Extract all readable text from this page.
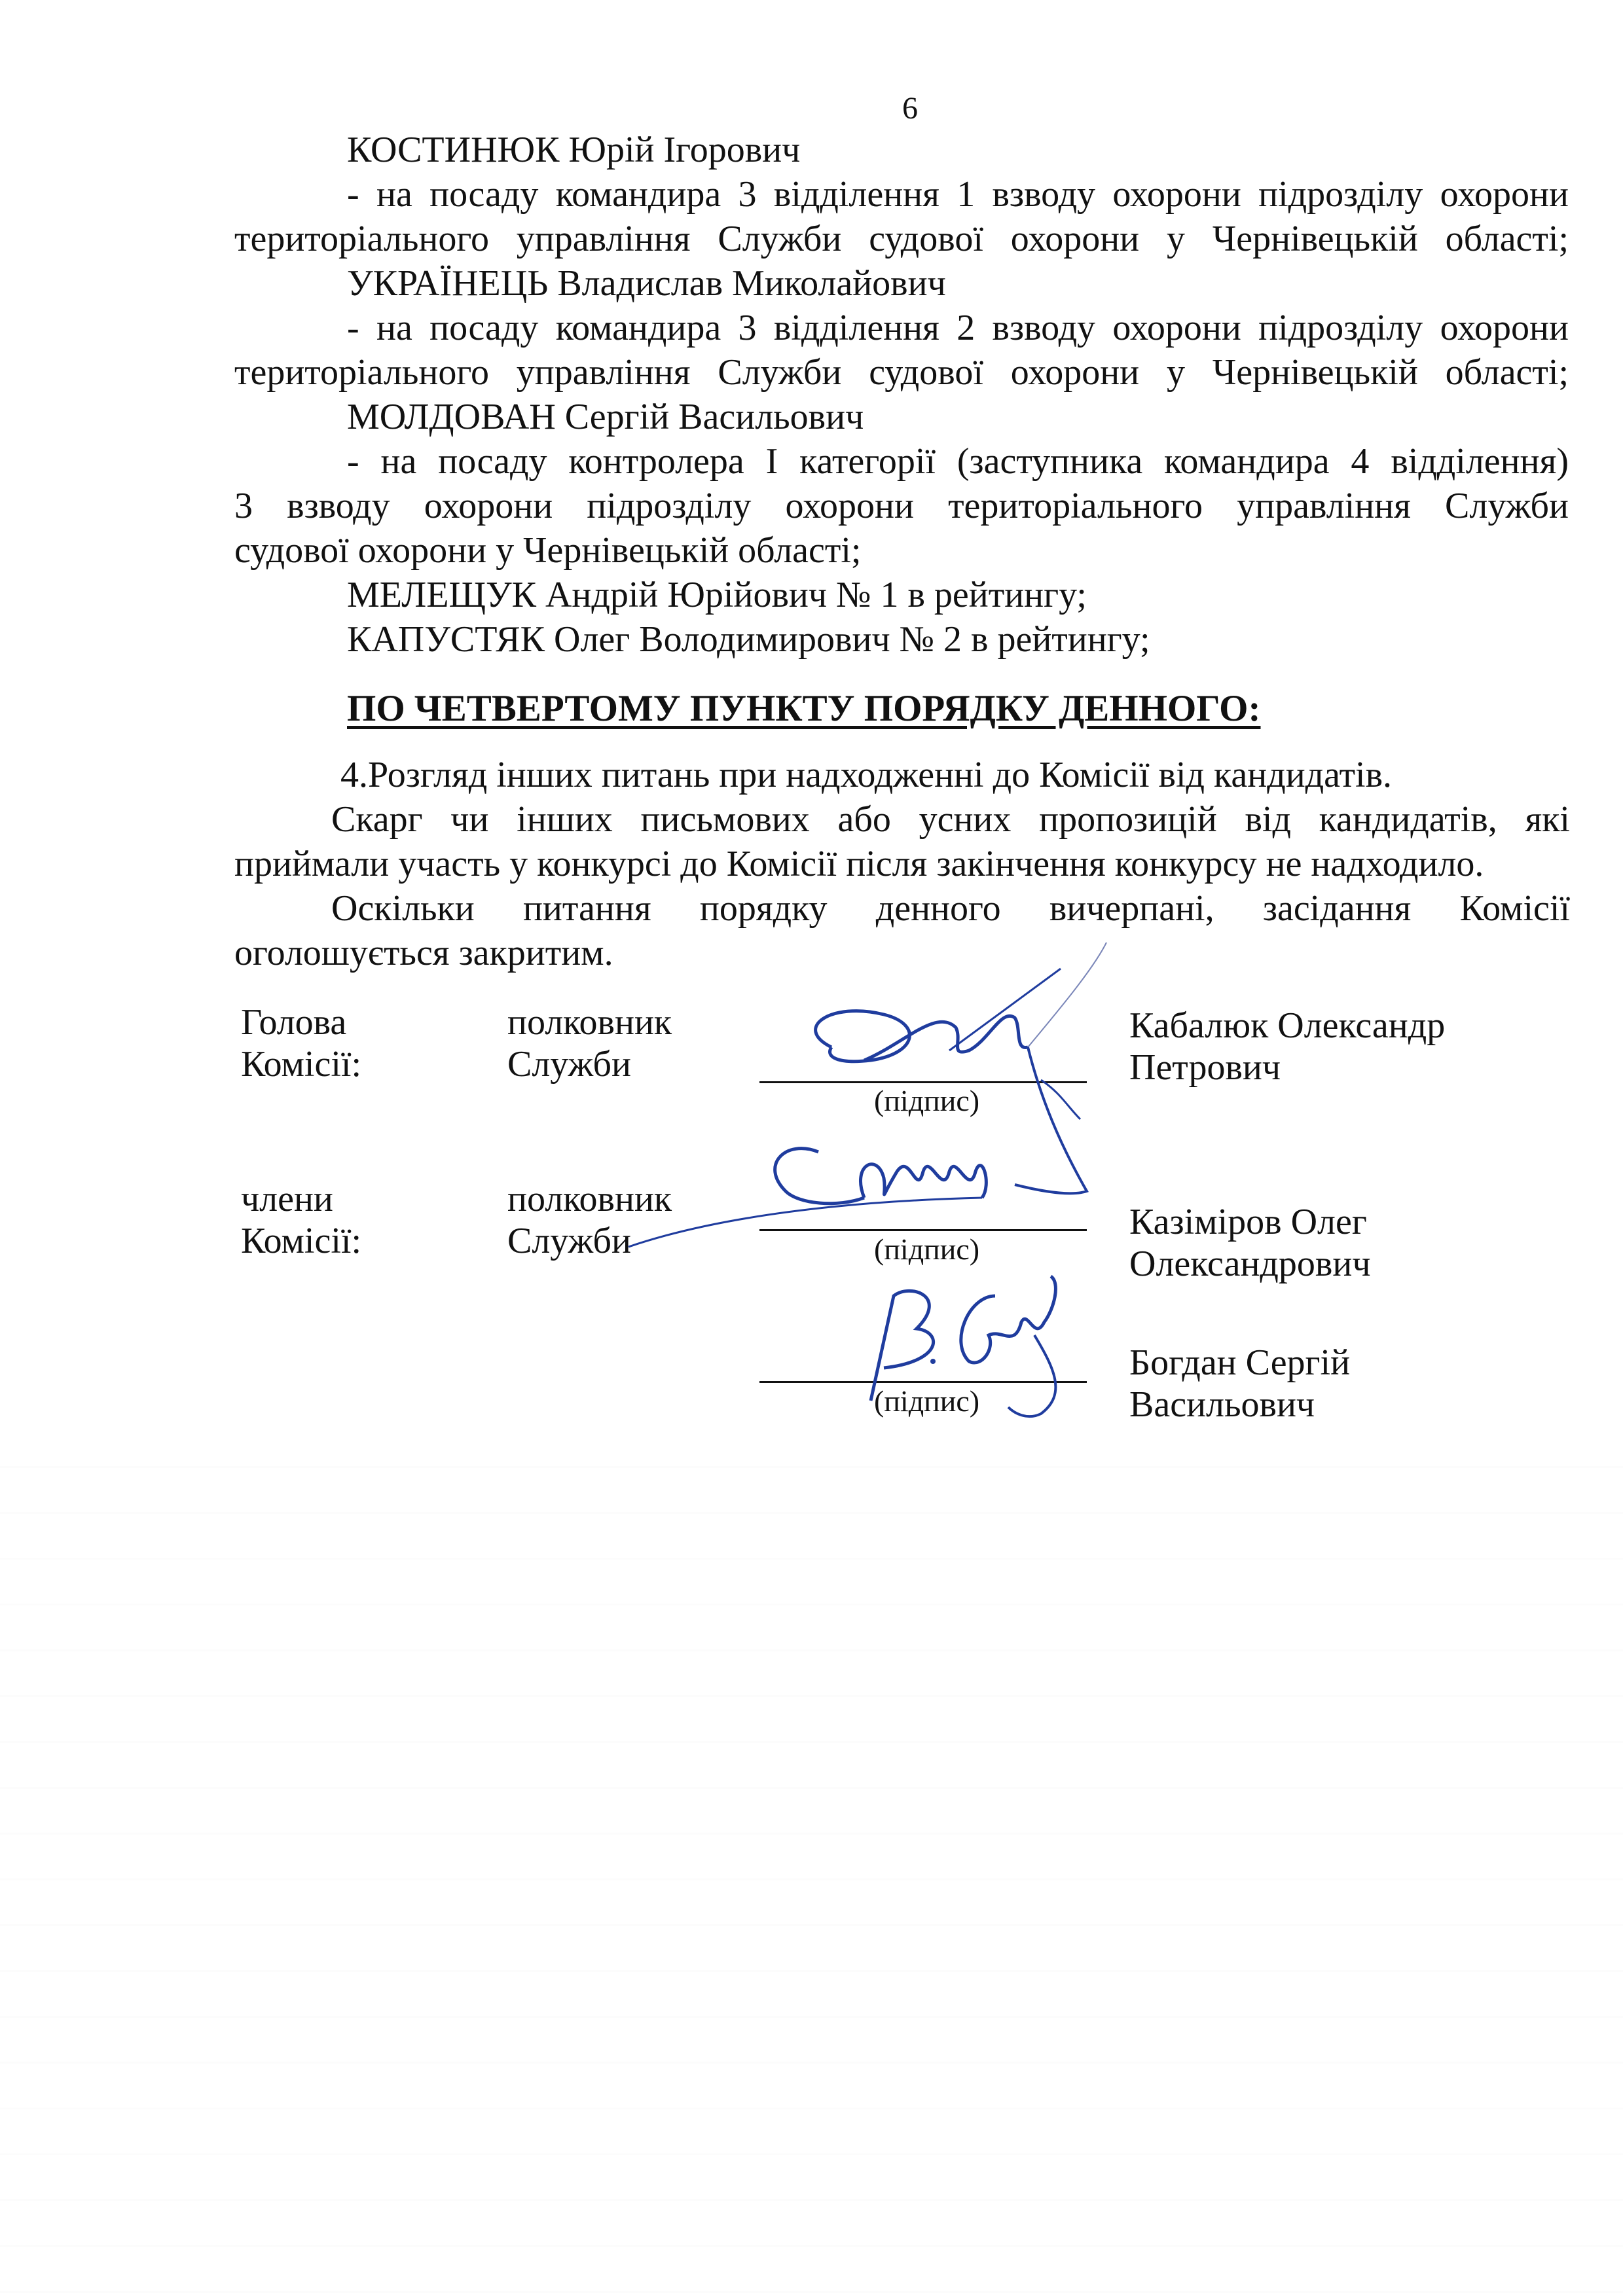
6
КОСТИНЮК Юрій Ігорович
- на посаду командира 3 відділення 1 взводу охорони підрозділу охорони
територіального управління Служби судової охорони у Чернівецькій області;
УКРАЇНЕЦЬ Владислав Миколайович
- на посаду командира 3 відділення 2 взводу охорони підрозділу охорони
територіального управління Служби судової охорони у Чернівецькій області;
МОЛДОВАН Сергій Васильович
- на посаду контролера І категорії (заступника командира 4 відділення)
3 взводу охорони підрозділу охорони територіального управління Служби
судової охорони у Чернівецькій області;
МЕЛЕЩУК Андрій Юрійович № 1 в рейтингу;
КАПУСТЯК Олег Володимирович № 2 в рейтингу;
ПО ЧЕТВЕРТОМУ ПУНКТУ ПОРЯДКУ ДЕННОГО:
4.Розгляд інших питань при надходженні до Комісії від кандидатів.
Скарг чи інших письмових або усних пропозицій від кандидатів, які
приймали участь у конкурсі до Комісії після закінчення конкурсу не надходило.
Оскільки питання порядку денного вичерпані, засідання Комісії
оголошується закритим.
Голова
Комісії:
полковник
Служби
(підпис)
Кабалюк Олександр
Петрович
члени
Комісії:
полковник
Служби	(підпис)
Казіміров Олег
Олександрович
(підпис)
Богдан Сергій
Васильович
